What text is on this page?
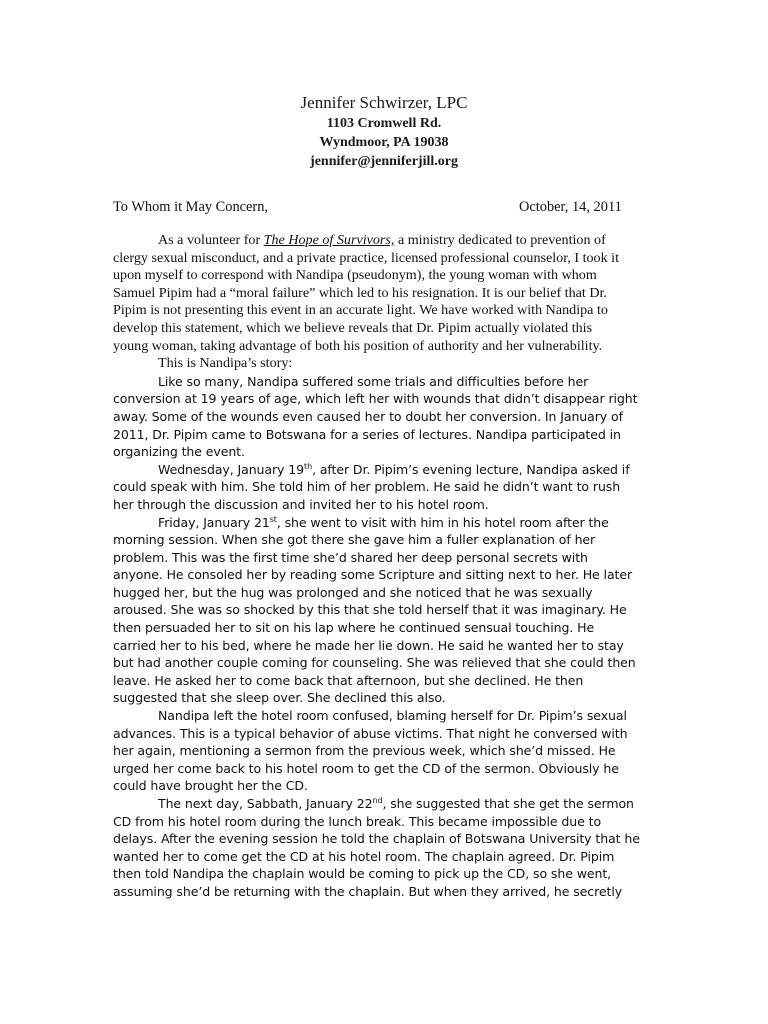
Jennifer Schwirzer, LPC
1103 Cromwell Rd.
Wyndmoor, PA 19038
jennifer@jenniferjill.org
To Whom it May Concern,	October, 14, 2011

As a volunteer for The Hope of Survivors, a ministry dedicated to prevention of

clergy sexual misconduct, and a private practice, licensed professional counselor, I took it
upon myself to correspond with Nandipa (pseudonym), the young woman with whom
Samuel Pipim had a “moral failure” which led to his resignation. It is our belief that Dr.
Pipim is not presenting this event in an accurate light. We have worked with Nandipa to
develop this statement, which we believe reveals that Dr. Pipim actually violated this
young woman, taking advantage of both his position of authority and her vulnerability.

This is Nandipa’s story:

Like so many, Nandipa suffered some trials and difficulties before her

conversion at 19 years of age, which left her with wounds that didn’t disappear right
away. Some of the wounds even caused her to doubt her conversion. In January of
2011, Dr. Pipim came to Botswana for a series of lectures. Nandipa participated in
organizing the event.

Wednesday, January 19th, after Dr. Pipim’s evening lecture, Nandipa asked if

could speak with him. She told him of her problem. He said he didn’t want to rush
her through the discussion and invited her to his hotel room.

Friday, January 21st, she went to visit with him in his hotel room after the

morning session. When she got there she gave him a fuller explanation of her
problem. This was the first time she’d shared her deep personal secrets with
anyone. He consoled her by reading some Scripture and sitting next to her. He later
hugged her, but the hug was prolonged and she noticed that he was sexually
aroused. She was so shocked by this that she told herself that it was imaginary. He
then persuaded her to sit on his lap where he continued sensual touching. He
carried her to his bed, where he made her lie down. He said he wanted her to stay
but had another couple coming for counseling. She was relieved that she could then
leave. He asked her to come back that afternoon, but she declined. He then
suggested that she sleep over. She declined this also.

Nandipa left the hotel room confused, blaming herself for Dr. Pipim’s sexual

advances. This is a typical behavior of abuse victims. That night he conversed with
her again, mentioning a sermon from the previous week, which she’d missed. He
urged her come back to his hotel room to get the CD of the sermon. Obviously he
could have brought her the CD.

The next day, Sabbath, January 22nd, she suggested that she get the sermon

CD from his hotel room during the lunch break. This became impossible due to
delays. After the evening session he told the chaplain of Botswana University that he
wanted her to come get the CD at his hotel room. The chaplain agreed. Dr. Pipim
then told Nandipa the chaplain would be coming to pick up the CD, so she went,
assuming she’d be returning with the chaplain. But when they arrived, he secretly
